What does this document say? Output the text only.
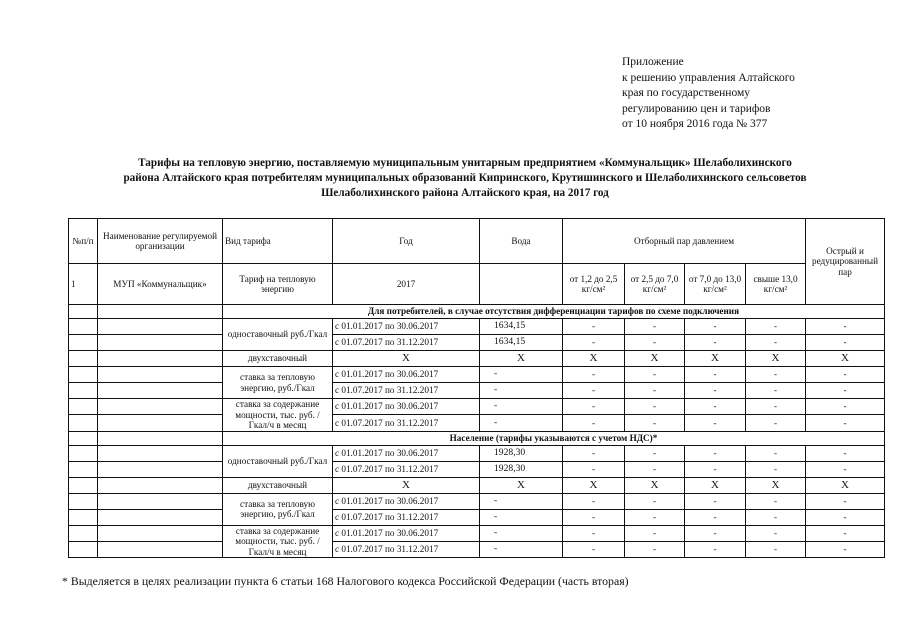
Приложение
к решению управления Алтайского
края по государственному
регулированию цен и тарифов
от 10 ноября 2016 года № 377
Тарифы на тепловую энергию, поставляемую муниципальным унитарным предприятием «Коммунальщик» Шелаболихинского
района Алтайского края потребителям муниципальных образований Кипринского, Крутишинского и Шелаболихинского сельсоветов
Шелаболихинского района Алтайского края, на 2017 год
№п/п	Наименование регулируемой организации	Вид тарифа	Год	Вода	Отборный пар давлением				Острый и редуцированный пар
1	МУП «Коммунальщик»	Тариф на тепловую энергию	2017		от 1,2 до 2,5 кг/см²	от 2,5 до 7,0 кг/см²	от 7,0 до 13,0 кг/см²	свыше 13,0 кг/см²	
		Для потребителей, в случае отсутствия дифференциации тарифов по схеме подключения							
		одноставочный руб./Гкал	с 01.01.2017 по 30.06.2017	1634,15	-	-	-	-	-
			с 01.07.2017 по 31.12.2017	1634,15	-	-	-	-	-
		двухставочный	Х	Х	Х	Х	Х	Х	Х
		ставка за тепловую энергию, руб./Гкал	с 01.01.2017 по 30.06.2017	-	-	-	-	-	-
			с 01.07.2017 по 31.12.2017	-	-	-	-	-	-
		ставка за содержание мощности, тыс. руб. /Гкал/ч в месяц	с 01.01.2017 по 30.06.2017	-	-	-	-	-	-
			с 01.07.2017 по 31.12.2017	-	-	-	-	-	-
		Население (тарифы указываются с учетом НДС)*							
		одноставочный руб./Гкал	с 01.01.2017 по 30.06.2017	1928,30	-	-	-	-	-
			с 01.07.2017 по 31.12.2017	1928,30	-	-	-	-	-
		двухставочный	Х	Х	Х	Х	Х	Х	Х
		ставка за тепловую энергию, руб./Гкал	с 01.01.2017 по 30.06.2017	-	-	-	-	-	-
			с 01.07.2017 по 31.12.2017	-	-	-	-	-	-
		ставка за содержание мощности, тыс. руб. /Гкал/ч в месяц	с 01.01.2017 по 30.06.2017	-	-	-	-	-	-
			с 01.07.2017 по 31.12.2017	-	-	-	-	-	-
* Выделяется в целях реализации пункта 6 статьи 168 Налогового кодекса Российской Федерации (часть вторая)
